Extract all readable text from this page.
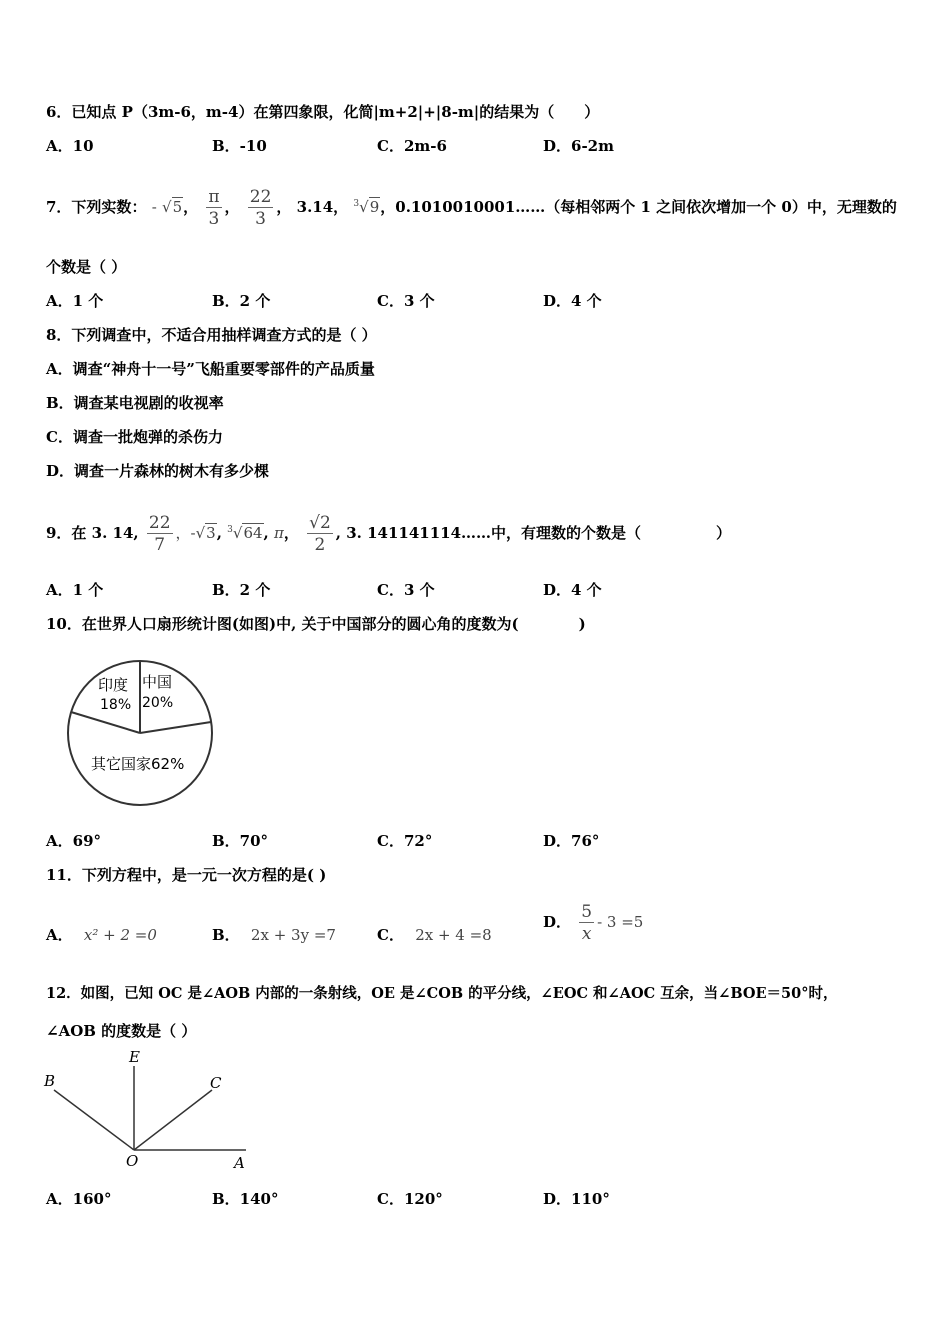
6．已知点 P（3m-6，m-4）在第四象限，化简|m+2|+|8-m|的结果为（　　）
A．10	B．-10	C．2m-6	D．6-2m
7．下列实数： - √5， $\frac{\pi}{3}$ ， $\frac{22}{3}$ ， 3.14， $^3$√9，0.1010010001……（每相邻两个 1 之间依次增加一个 0）中，无理数的
个数是（ ）
A．1 个	B．2 个	C．3 个	D．4 个
8．下列调查中，不适合用抽样调查方式的是（ ）
A．调查“神舟十一号”飞船重要零部件的产品质量
B．调查某电视剧的收视率
C．调查一批炮弹的杀伤力
D．调查一片森林的树木有多少棵
9．在 3. 14, $\frac{22}{7}$ ，-√3, $^3$√64, π， $\frac{√2}{2}$ , 3. 141141114……中，有理数的个数是（　　　　　）
A．1 个	B．2 个	C．3 个	D．4 个
10．在世界人口扇形统计图(如图)中, 关于中国部分的圆心角的度数为(　　　　)
印度
18%
中国
20%
其它国家62%
A．69°	B．70°	C．72°	D．76°
11．下列方程中，是一元一次方程的是( )
A． x² + 2 =0	B． 2x + 3y =7	C． 2x + 4 =8
D． $\frac{5}{x} - 3 =5$
12．如图，已知 OC 是∠AOB 内部的一条射线，OE 是∠COB 的平分线，∠EOC 和∠AOC 互余，当∠BOE＝50°时，
∠AOB 的度数是（ ）
E
B	C
O	A
A．160°	B．140°	C．120°	D．110°
